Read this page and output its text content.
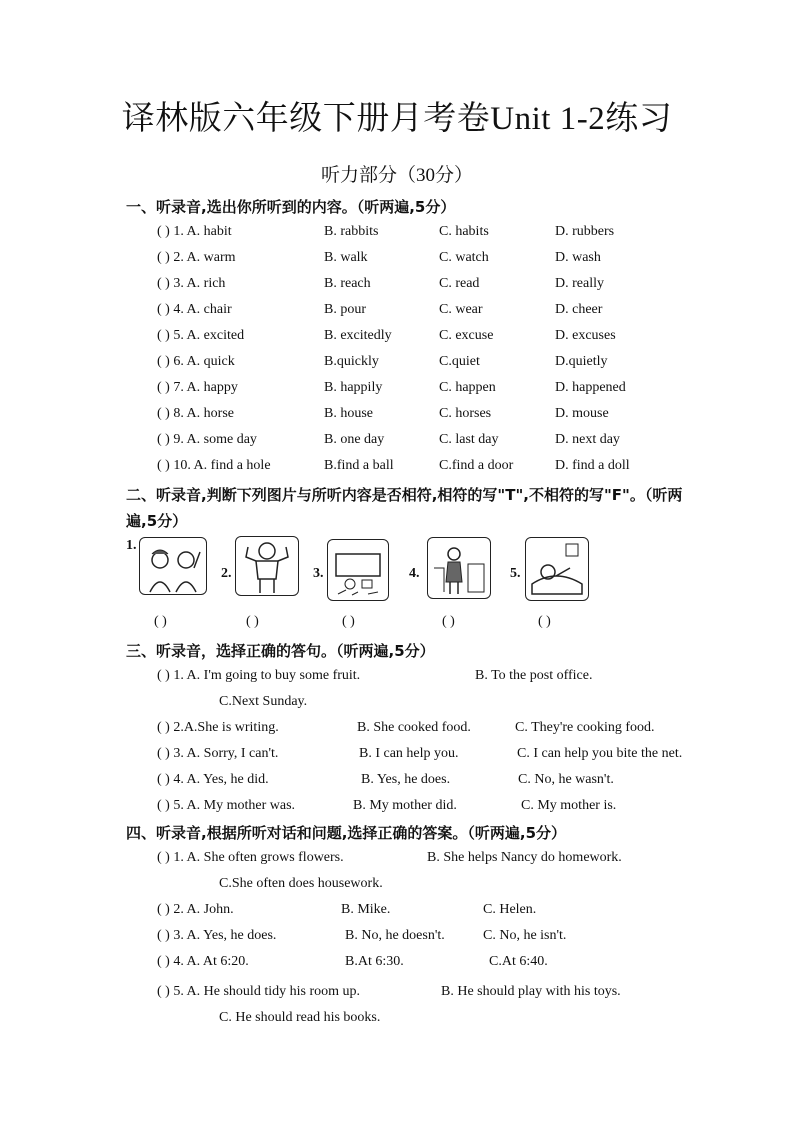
译林版六年级下册月考卷Unit 1-2练习
听力部分（30分）
一、听录音,选出你所听到的内容。（听两遍,5分）
( ) 1. A. habit	B. rabbits	C. habits	D. rubbers
( ) 2. A. warm	B. walk	C. watch	D. wash
( ) 3. A. rich	B. reach	C. read	D. really
( ) 4. A. chair	B. pour	C. wear	D. cheer
( ) 5. A. excited	B. excitedly	C. excuse	D. excuses
( ) 6. A. quick	B.quickly	C.quiet	D.quietly
( ) 7. A. happy	B. happily	C. happen	D. happened
( ) 8. A. horse	B. house	C. horses	D. mouse
( ) 9. A. some day	B. one day	C. last day	D. next day
( ) 10. A. find a hole	B.find a ball	C.find a door	D. find a doll
二、听录音,判断下列图片与所听内容是否相符,相符的写"T",不相符的写"F"。（听两遍,5分）
1.
2.	3.	4.	5.
( )	( )	( )	( )	( )
三、听录音，选择正确的答句。（听两遍,5分）
( ) 1. A. I'm going to buy some fruit.	B. To the post office.
C.Next Sunday.
( ) 2.A.She is writing.	B. She cooked food.	C. They're cooking food.
( ) 3. A. Sorry, I can't.	B. I can help you.	C. I can help you bite the net.
( ) 4. A. Yes, he did.	B. Yes, he does.	C. No, he wasn't.
( ) 5. A. My mother was.	B. My mother did.	C. My mother is.
四、听录音,根据所听对话和问题,选择正确的答案。（听两遍,5分）
( ) 1. A. She often grows flowers.	B. She helps Nancy do homework.
C.She often does housework.
( ) 2. A. John.	B. Mike.	C. Helen.
( ) 3. A. Yes, he does.	B. No, he doesn't.	C. No, he isn't.
( ) 4. A. At 6:20.	B.At 6:30.	C.At 6:40.
( ) 5. A. He should tidy his room up.	B. He should play with his toys.
C. He should read his books.
